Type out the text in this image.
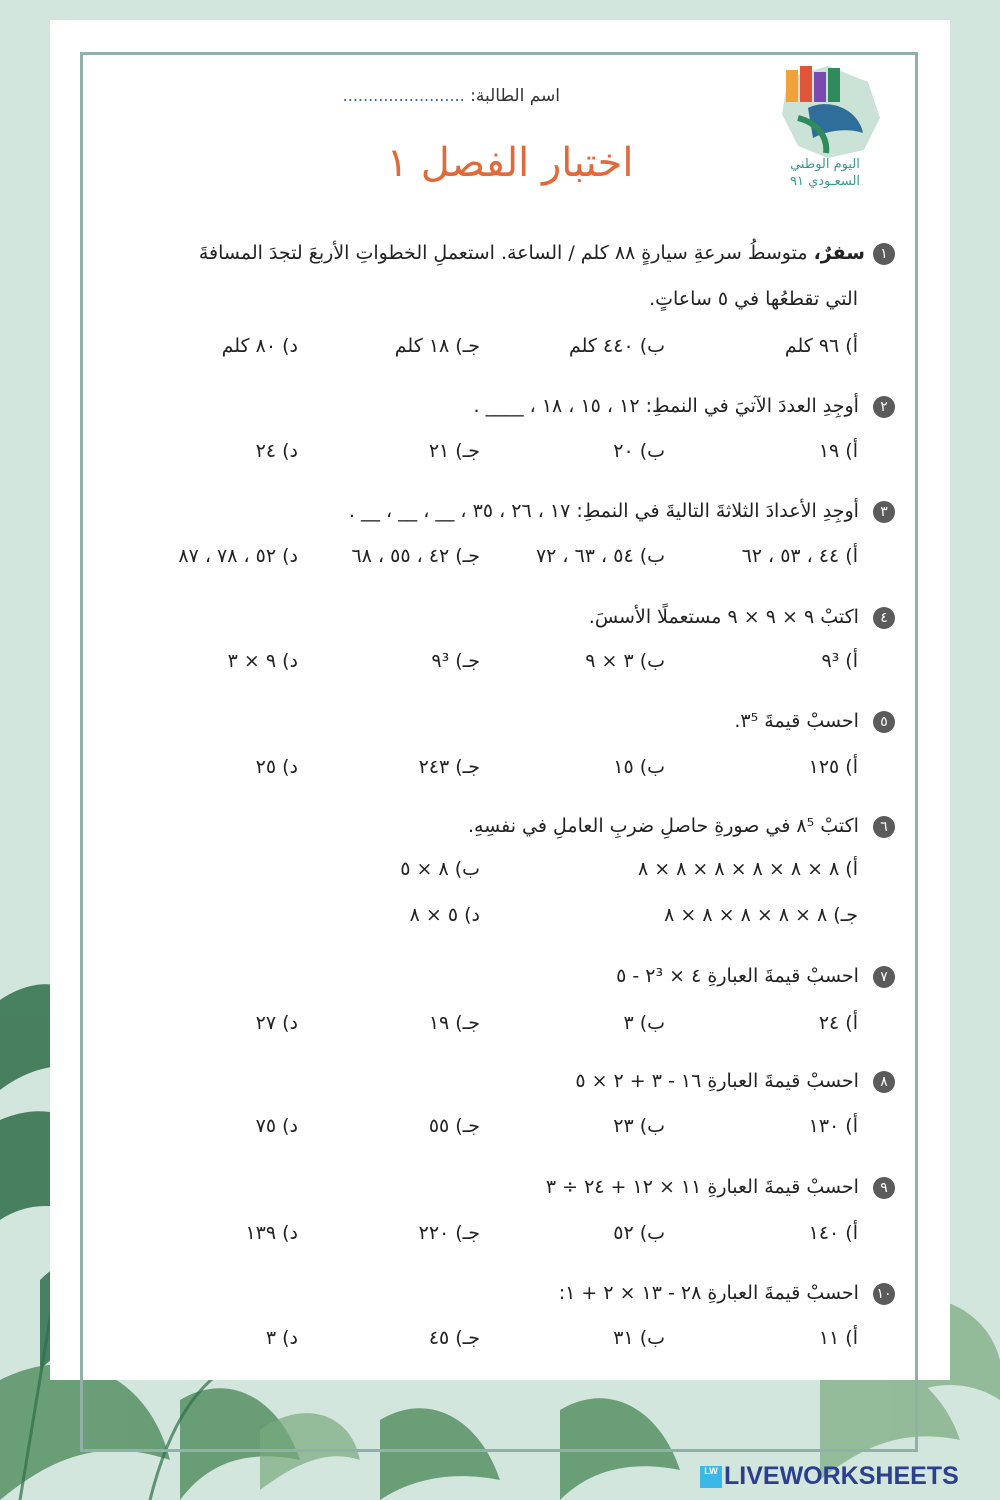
اليوم الوطني
السعـودي ٩١
اسم الطالبة: ........................
اختبار الفصل ١
١سفرٌ، متوسطُ سرعةِ سيارةٍ ٨٨ كلم / الساعة. استعملِ الخطواتِ الأربعَ لتجدَ المسافةَ
التي تقطعُها في ٥ ساعاتٍ.
أ) ٩٦ كلم
ب) ٤٤٠ كلم
جـ) ١٨ كلم
د) ٨٠ كلم
٢ أوجِدِ العددَ الآتيَ في النمطِ: ١٢ ، ١٥ ، ١٨ ، ____ .
أ) ١٩
ب) ٢٠
جـ) ٢١
د) ٢٤
٣ أوجِدِ الأعدادَ الثلاثةَ التاليةَ في النمطِ: ١٧ ، ٢٦ ، ٣٥ ، __ ، __ ، __ .
أ) ٤٤ ، ٥٣ ، ٦٢
ب) ٥٤ ، ٦٣ ، ٧٢
جـ) ٤٢ ، ٥٥ ، ٦٨
د) ٥٢ ، ٧٨ ، ٨٧
٤ اكتبْ ٩ × ٩ × ٩ مستعملًا الأسسَ.
أ) ٩³
ب) ٣ × ٩
جـ) ٩³
د) ٩ × ٣
٥ احسبْ قيمةَ ٣⁵.
أ) ١٢٥
ب) ١٥
جـ) ٢٤٣
د) ٢٥
٦ اكتبْ ٨⁵ في صورةِ حاصلِ ضربِ العاملِ في نفسِهِ.
أ) ٨ × ٨ × ٨ × ٨ × ٨ × ٨
ب) ٨ × ٥
جـ) ٨ × ٨ × ٨ × ٨ × ٨
د) ٥ × ٨
٧ احسبْ قيمةَ العبارةِ ٤ × ٢³ - ٥
أ) ٢٤
ب) ٣
جـ) ١٩
د) ٢٧
٨ احسبْ قيمةَ العبارةِ ١٦ - ٣ + ٢ × ٥
أ) ١٣٠
ب) ٢٣
جـ) ٥٥
د) ٧٥
٩ احسبْ قيمةَ العبارةِ ١١ × ١٢ + ٢٤ ÷ ٣
أ) ١٤٠
ب) ٥٢
جـ) ٢٢٠
د) ١٣٩
١٠ احسبْ قيمةَ العبارةِ ٢٨ - ١٣ × ٢ + ١:
أ) ١١
ب) ٣١
جـ) ٤٥
د) ٣
LW LIVEWORKSHEETS
